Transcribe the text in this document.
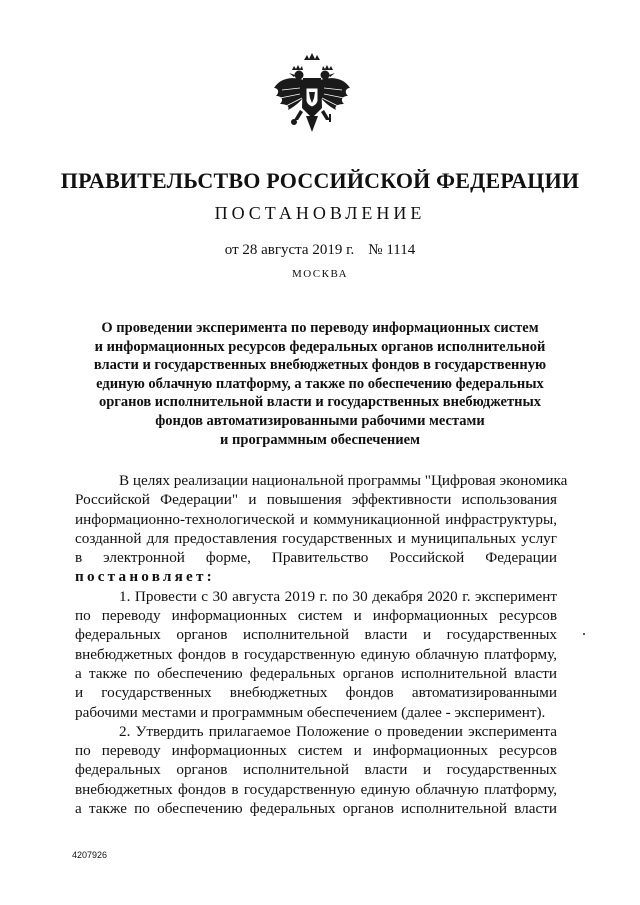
ПРАВИТЕЛЬСТВО РОССИЙСКОЙ ФЕДЕРАЦИИ
ПОСТАНОВЛЕНИЕ
от 28 августа 2019 г. № 1114
МОСКВА
О проведении эксперимента по переводу информационных систем
и информационных ресурсов федеральных органов исполнительной
власти и государственных внебюджетных фондов в государственную
единую облачную платформу, а также по обеспечению федеральных
органов исполнительной власти и государственных внебюджетных
фондов автоматизированными рабочими местами
и программным обеспечением
В целях реализации национальной программы "Цифровая экономика
Российской Федерации" и повышения эффективности использования
информационно-технологической и коммуникационной инфраструктуры,
созданной для предоставления государственных и муниципальных услуг
в электронной форме, Правительство Российской Федерации
постановляет:
1. Провести с 30 августа 2019 г. по 30 декабря 2020 г. эксперимент
по переводу информационных систем и информационных ресурсов
федеральных органов исполнительной власти и государственных
внебюджетных фондов в государственную единую облачную платформу,
а также по обеспечению федеральных органов исполнительной власти
и государственных внебюджетных фондов автоматизированными
рабочими местами и программным обеспечением (далее - эксперимент).
2. Утвердить прилагаемое Положение о проведении эксперимента
по переводу информационных систем и информационных ресурсов
федеральных органов исполнительной власти и государственных
внебюджетных фондов в государственную единую облачную платформу,
а также по обеспечению федеральных органов исполнительной власти
4207926
